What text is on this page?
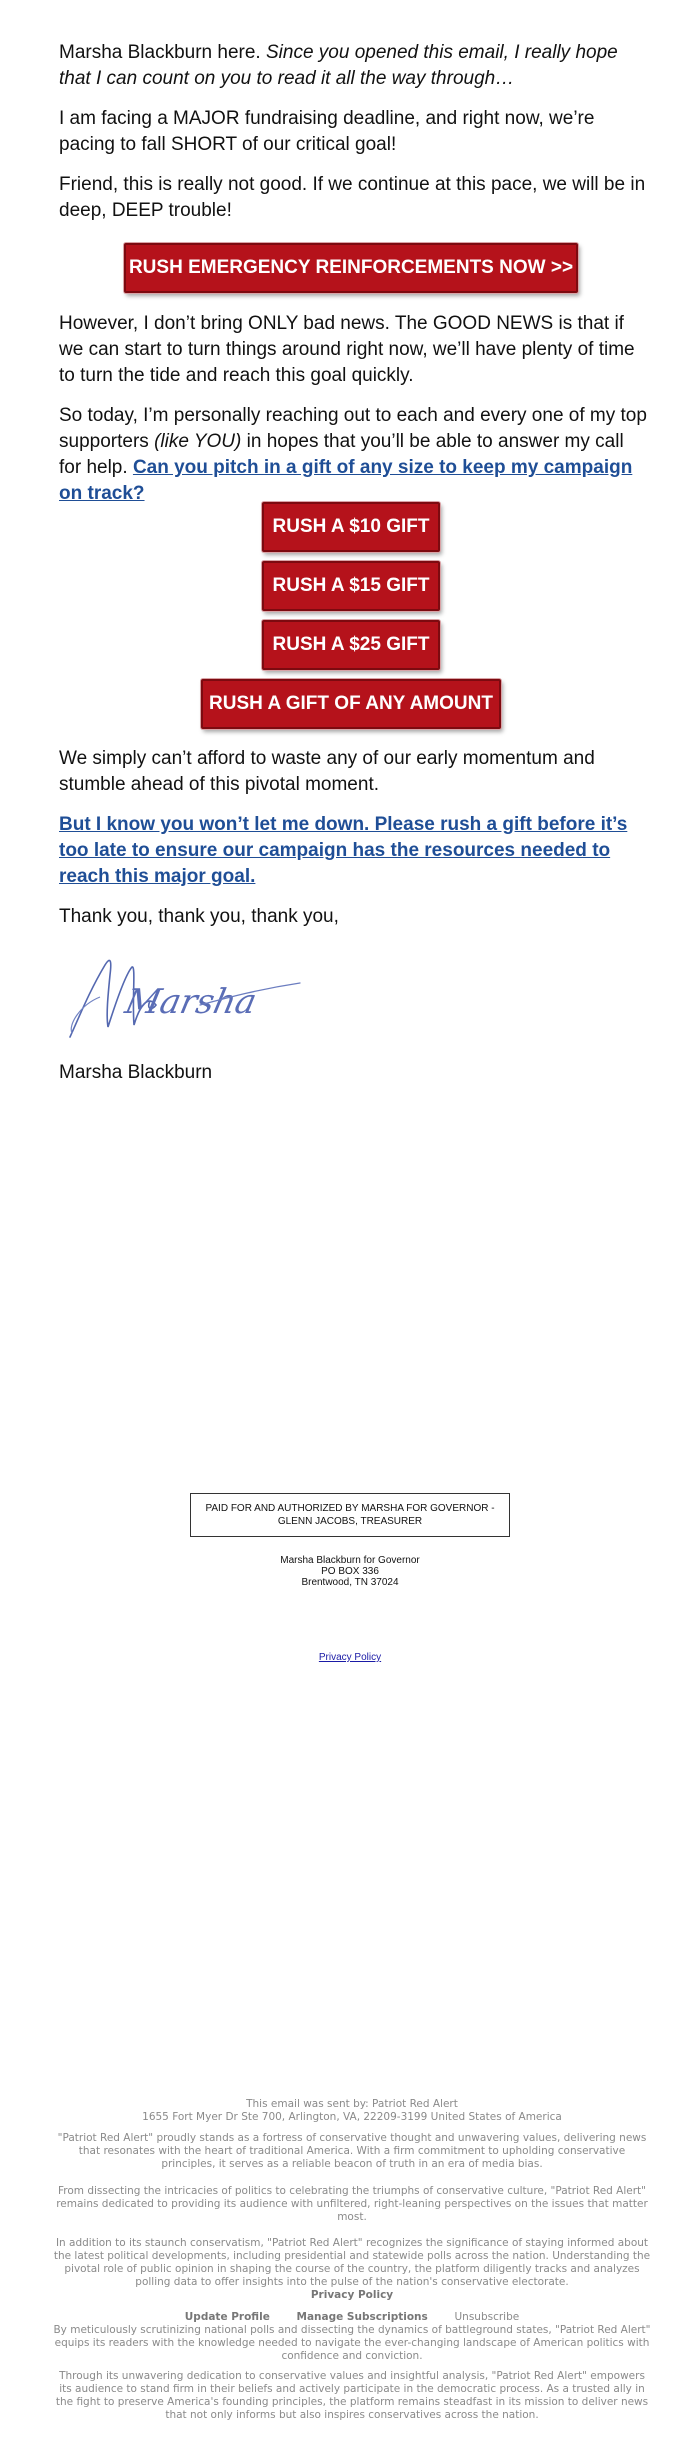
Marsha Blackburn here. Since you opened this email, I really hope that I can count on you to read it all the way through…
I am facing a MAJOR fundraising deadline, and right now, we’re pacing to fall SHORT of our critical goal!
Friend, this is really not good. If we continue at this pace, we will be in deep, DEEP trouble!
RUSH EMERGENCY REINFORCEMENTS NOW >>
However, I don’t bring ONLY bad news. The GOOD NEWS is that if we can start to turn things around right now, we’ll have plenty of time to turn the tide and reach this goal quickly.
So today, I’m personally reaching out to each and every one of my top supporters (like YOU) in hopes that you’ll be able to answer my call for help. Can you pitch in a gift of any size to keep my campaign on track?
RUSH A $10 GIFT
RUSH A $15 GIFT
RUSH A $25 GIFT
RUSH A GIFT OF ANY AMOUNT
We simply can’t afford to waste any of our early momentum and stumble ahead of this pivotal moment.
But I know you won’t let me down. Please rush a gift before it’s too late to ensure our campaign has the resources needed to reach this major goal.
Thank you, thank you, thank you,
Marsha
Marsha Blackburn
PAID FOR AND AUTHORIZED BY MARSHA FOR GOVERNOR - GLENN JACOBS, TREASURER
Marsha Blackburn for Governor
PO BOX 336
Brentwood, TN 37024
Privacy Policy
This email was sent by: Patriot Red Alert
1655 Fort Myer Dr Ste 700, Arlington, VA, 22209-3199 United States of America
"Patriot Red Alert" proudly stands as a fortress of conservative thought and unwavering values, delivering news that resonates with the heart of traditional America. With a firm commitment to upholding conservative principles, it serves as a reliable beacon of truth in an era of media bias.
From dissecting the intricacies of politics to celebrating the triumphs of conservative culture, "Patriot Red Alert" remains dedicated to providing its audience with unfiltered, right-leaning perspectives on the issues that matter most.
In addition to its staunch conservatism, "Patriot Red Alert" recognizes the significance of staying informed about the latest political developments, including presidential and statewide polls across the nation. Understanding the pivotal role of public opinion in shaping the course of the country, the platform diligently tracks and analyzes polling data to offer insights into the pulse of the nation's conservative electorate.
Privacy Policy
Update Profile	Manage Subscriptions	Unsubscribe
By meticulously scrutinizing national polls and dissecting the dynamics of battleground states, "Patriot Red Alert" equips its readers with the knowledge needed to navigate the ever-changing landscape of American politics with confidence and conviction.
Through its unwavering dedication to conservative values and insightful analysis, "Patriot Red Alert" empowers its audience to stand firm in their beliefs and actively participate in the democratic process. As a trusted ally in the fight to preserve America's founding principles, the platform remains steadfast in its mission to deliver news that not only informs but also inspires conservatives across the nation.
